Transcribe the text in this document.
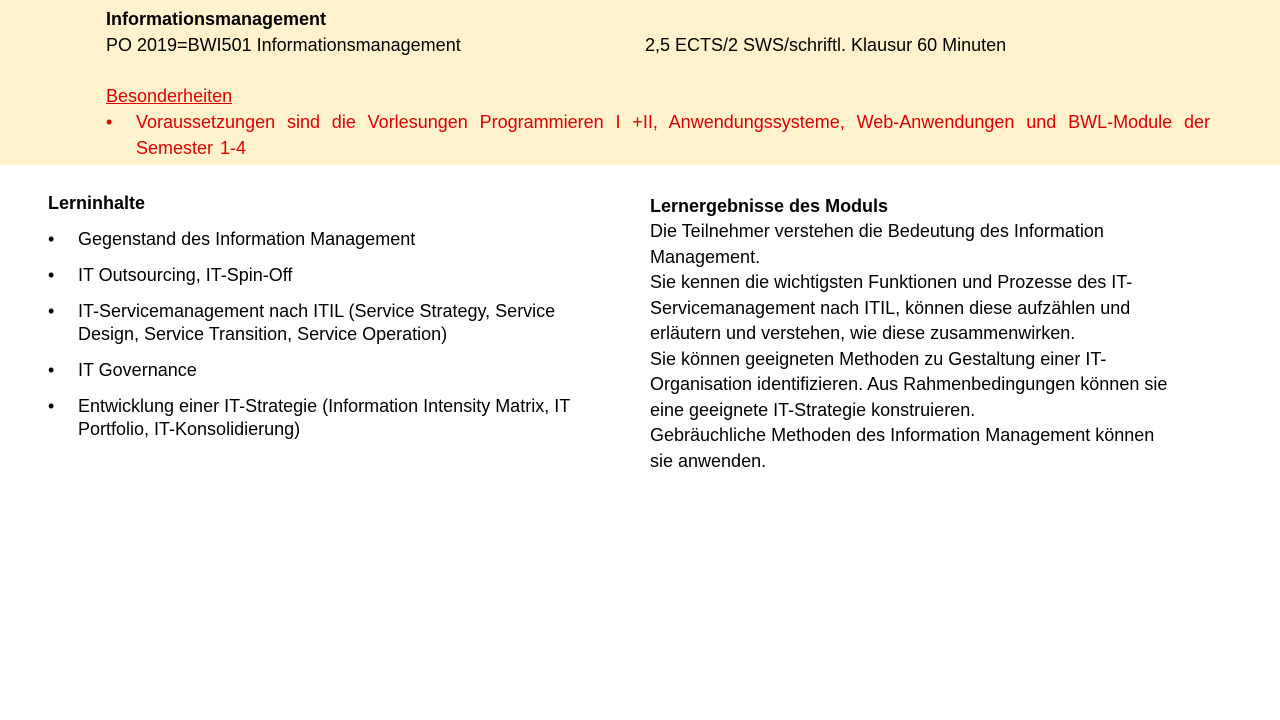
Informationsmanagement
PO 2019=BWI501 Informationsmanagement	2,5 ECTS/2 SWS/schriftl. Klausur 60 Minuten
Besonderheiten
• Voraussetzungen sind die Vorlesungen Programmieren I +II, Anwendungssysteme, Web-Anwendungen und BWL-Module der Semester 1-4
Lerninhalte
• Gegenstand des Information Management
• IT Outsourcing, IT-Spin-Off
• IT-Servicemanagement nach ITIL (Service Strategy, Service Design, Service Transition, Service Operation)
• IT Governance
• Entwicklung einer IT-Strategie (Information Intensity Matrix, IT Portfolio, IT-Konsolidierung)
Lernergebnisse des Moduls

Die Teilnehmer verstehen die Bedeutung des Information Management.

Sie kennen die wichtigsten Funktionen und Prozesse des IT-Servicemanagement nach ITIL, können diese aufzählen und erläutern und verstehen, wie diese zusammenwirken.

Sie können geeigneten Methoden zu Gestaltung einer IT-Organisation identifizieren. Aus Rahmenbedingungen können sie eine geeignete IT-Strategie konstruieren.

Gebräuchliche Methoden des Information Management können sie anwenden.
